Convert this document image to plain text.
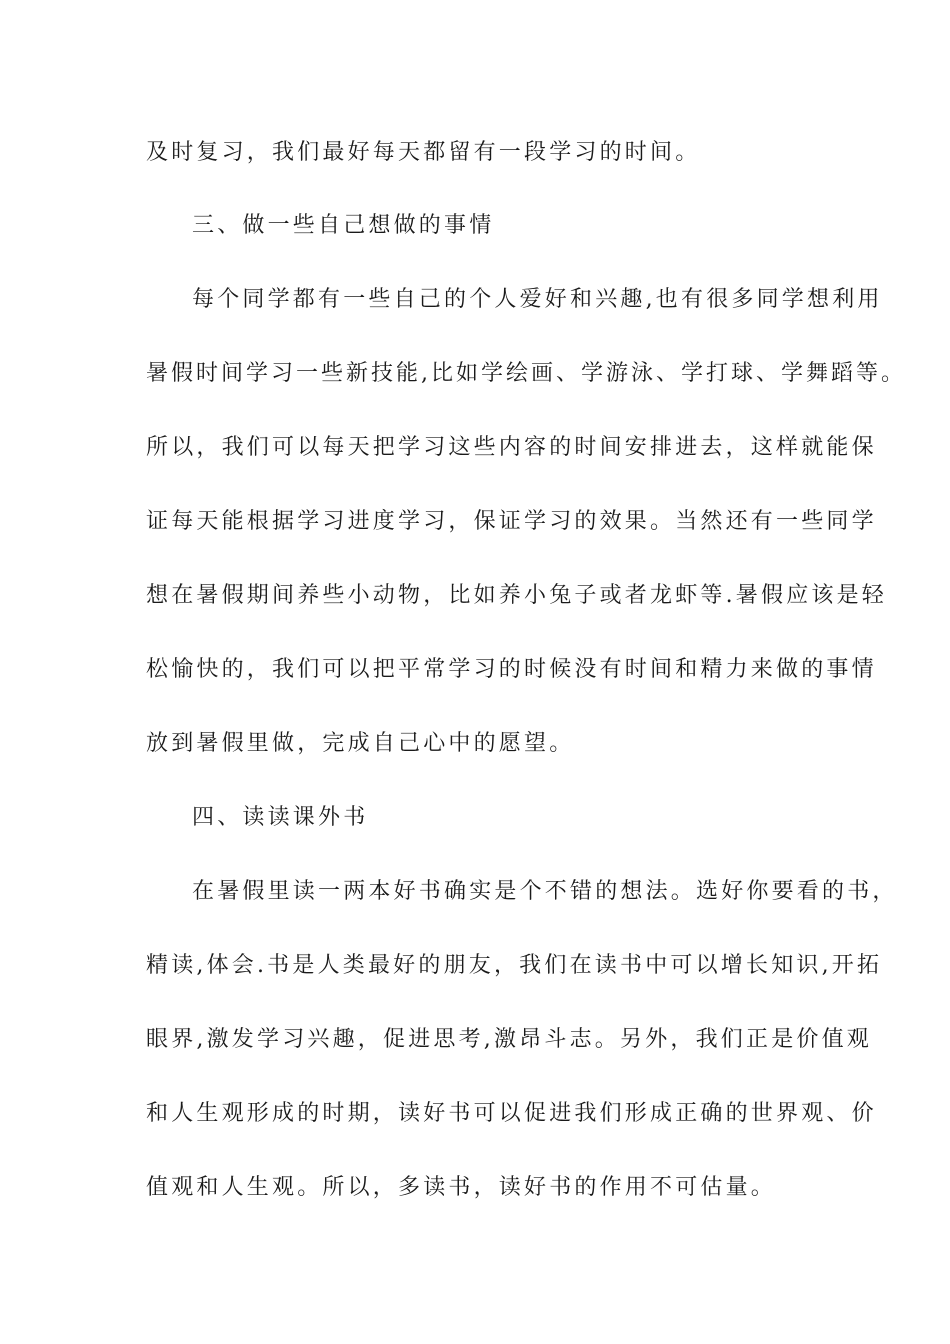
及时复习，我们最好每天都留有一段学习的时间。

三、做一些自己想做的事情

每个同学都有一些自己的个人爱好和兴趣,也有很多同学想利用

暑假时间学习一些新技能,比如学绘画、学游泳、学打球、学舞蹈等。

所以，我们可以每天把学习这些内容的时间安排进去，这样就能保

证每天能根据学习进度学习，保证学习的效果。当然还有一些同学

想在暑假期间养些小动物，比如养小兔子或者龙虾等.暑假应该是轻

松愉快的，我们可以把平常学习的时候没有时间和精力来做的事情

放到暑假里做，完成自己心中的愿望。

四、读读课外书

在暑假里读一两本好书确实是个不错的想法。选好你要看的书，

精读,体会.书是人类最好的朋友，我们在读书中可以增长知识,开拓

眼界,激发学习兴趣，促进思考,激昂斗志。另外，我们正是价值观

和人生观形成的时期，读好书可以促进我们形成正确的世界观、价

值观和人生观。所以，多读书，读好书的作用不可估量。
